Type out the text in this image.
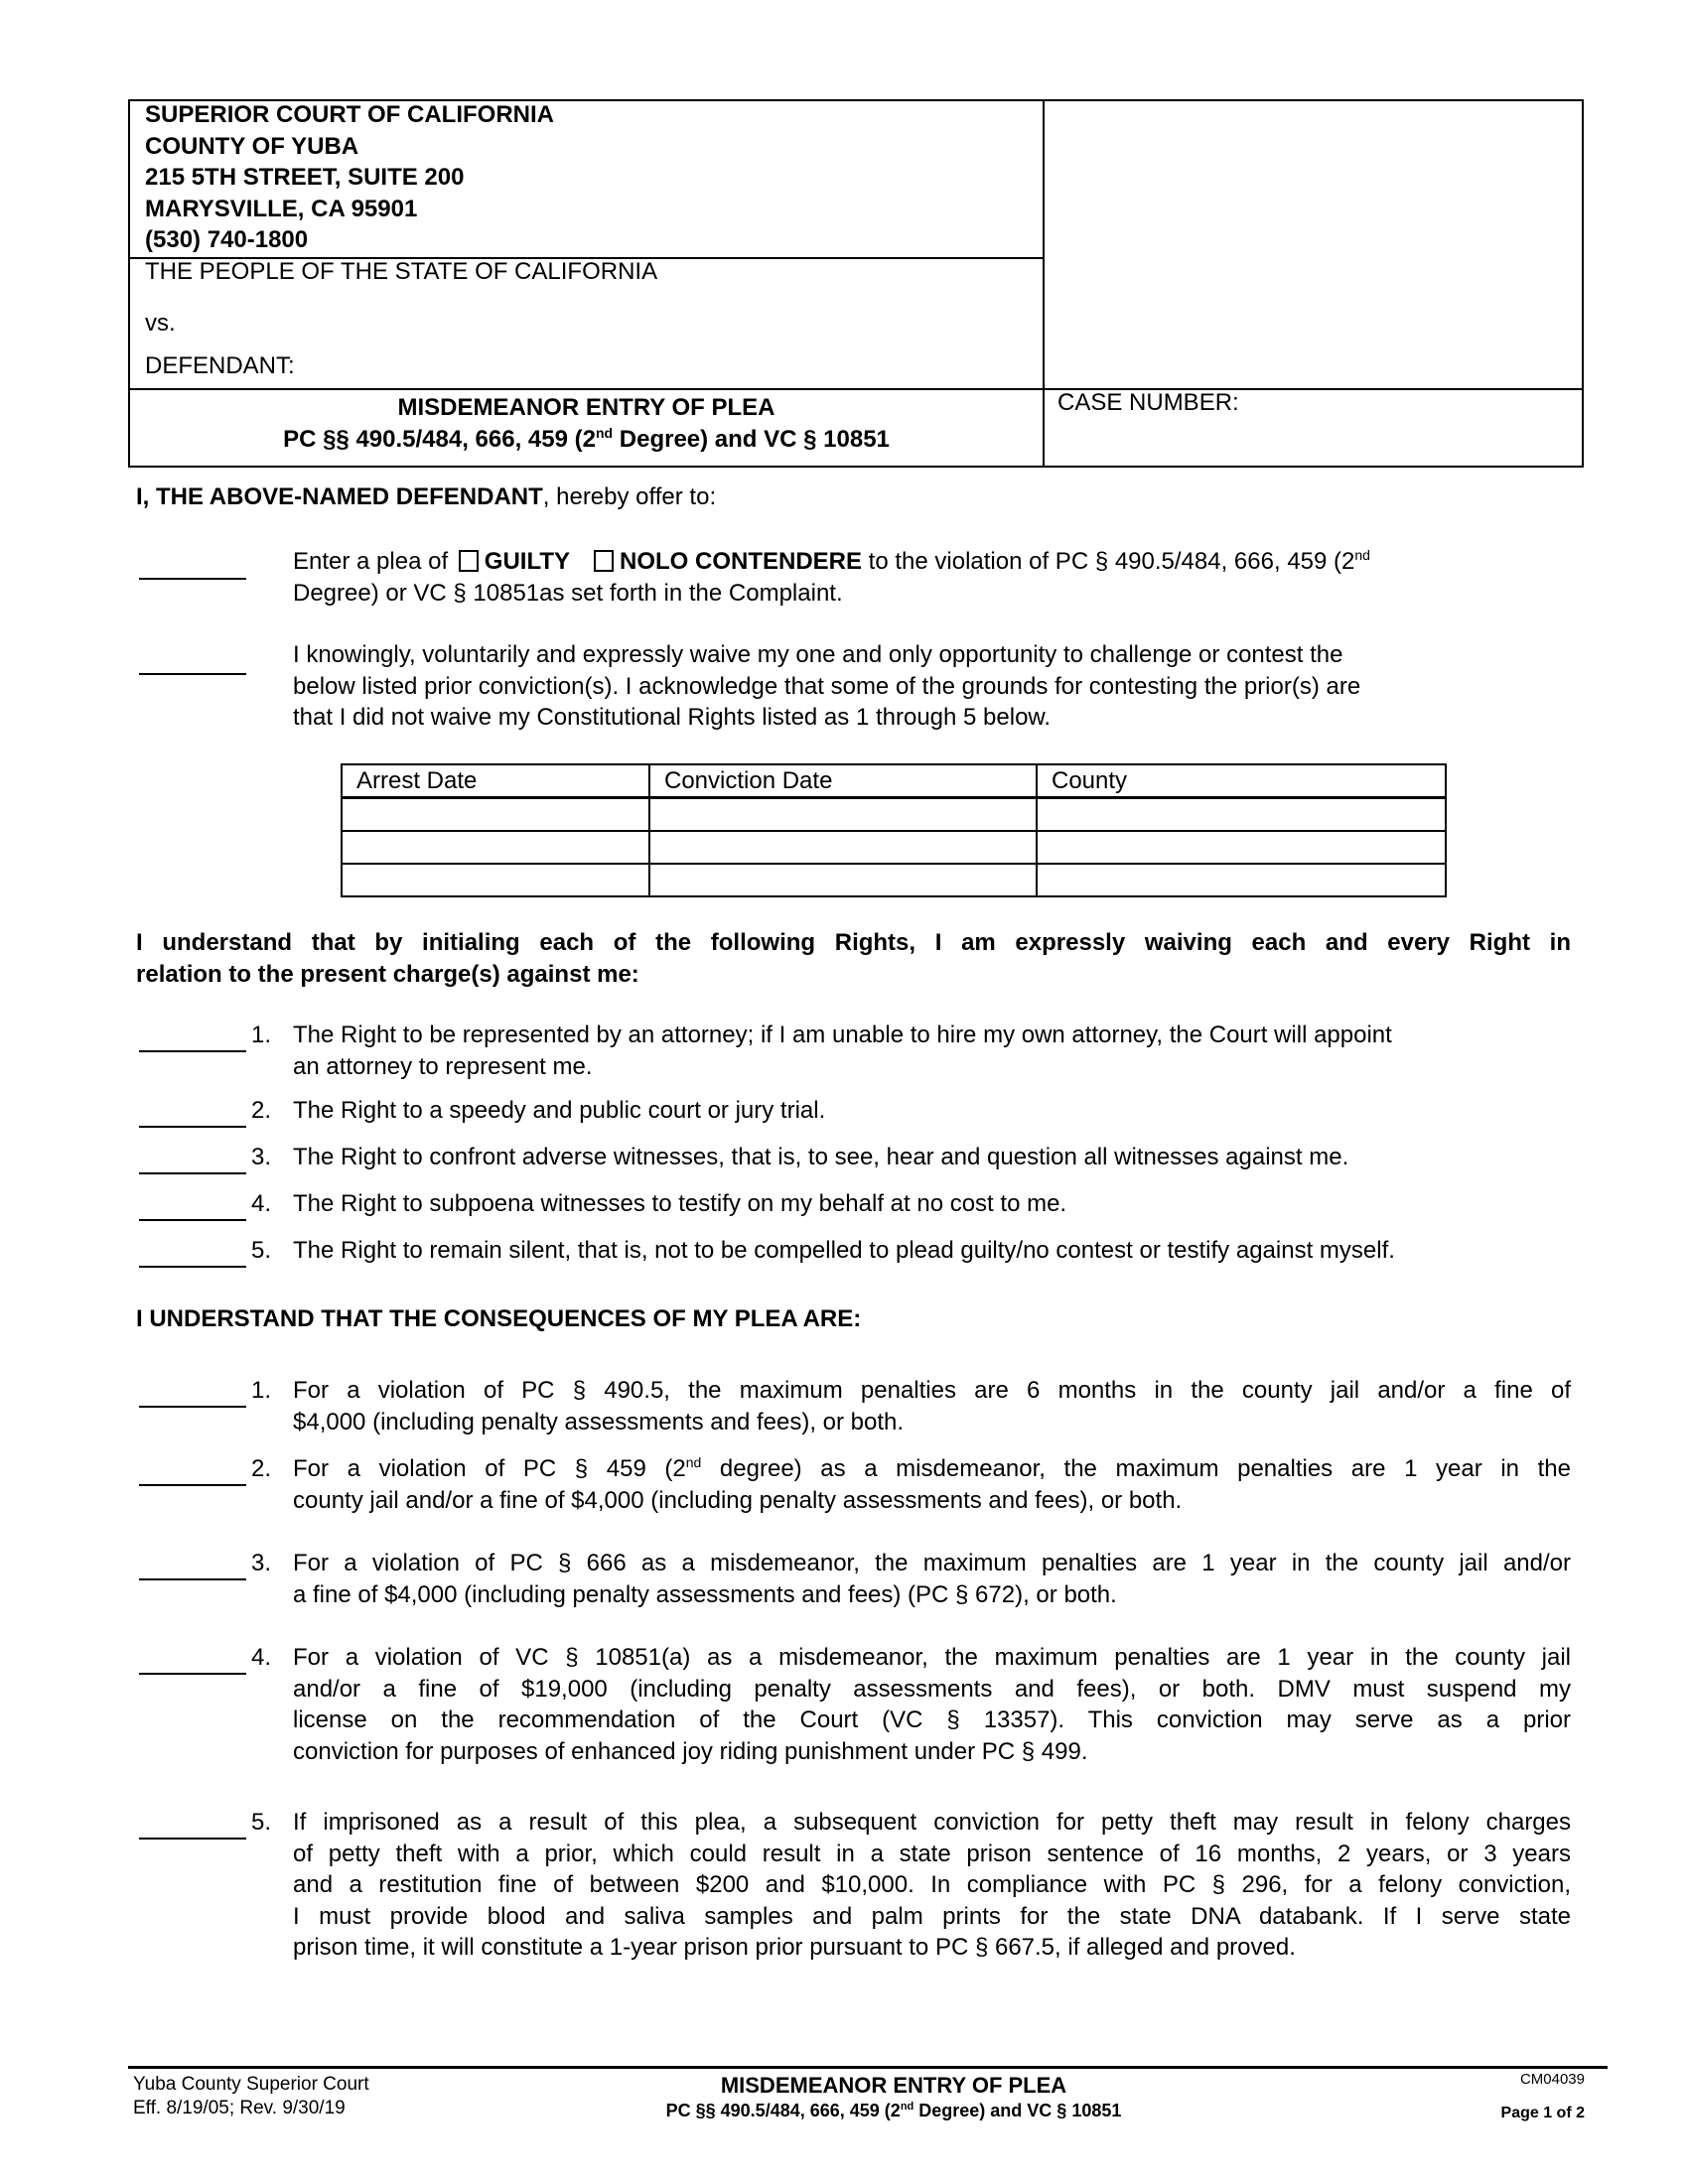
SUPERIOR COURT OF CALIFORNIA
COUNTY OF YUBA
215 5TH STREET, SUITE 200
MARYSVILLE, CA 95901
(530) 740-1800
THE PEOPLE OF THE STATE OF CALIFORNIA
vs.
DEFENDANT:
MISDEMEANOR ENTRY OF PLEA
PC §§ 490.5/484, 666, 459 (2nd Degree) and VC § 10851
CASE NUMBER:
I, THE ABOVE-NAMED DEFENDANT, hereby offer to:
Enter a plea of GUILTY NOLO CONTENDERE to the violation of PC § 490.5/484, 666, 459 (2nd
Degree) or VC § 10851as set forth in the Complaint.
I knowingly, voluntarily and expressly waive my one and only opportunity to challenge or contest the
below listed prior conviction(s). I acknowledge that some of the grounds for contesting the prior(s) are
that I did not waive my Constitutional Rights listed as 1 through 5 below.
Arrest Date	Conviction Date	County

I understand that by initialing each of the following Rights, I am expressly waiving each and every Right in
relation to the present charge(s) against me:
1. The Right to be represented by an attorney; if I am unable to hire my own attorney, the Court will appoint
an attorney to represent me.
2. The Right to a speedy and public court or jury trial.
3. The Right to confront adverse witnesses, that is, to see, hear and question all witnesses against me.
4. The Right to subpoena witnesses to testify on my behalf at no cost to me.
5. The Right to remain silent, that is, not to be compelled to plead guilty/no contest or testify against myself.
I UNDERSTAND THAT THE CONSEQUENCES OF MY PLEA ARE:
1. For a violation of PC § 490.5, the maximum penalties are 6 months in the county jail and/or a fine of
$4,000 (including penalty assessments and fees), or both.
2. For a violation of PC § 459 (2nd degree) as a misdemeanor, the maximum penalties are 1 year in the
county jail and/or a fine of $4,000 (including penalty assessments and fees), or both.
3. For a violation of PC § 666 as a misdemeanor, the maximum penalties are 1 year in the county jail and/or
a fine of $4,000 (including penalty assessments and fees) (PC § 672), or both.
4. For a violation of VC § 10851(a) as a misdemeanor, the maximum penalties are 1 year in the county jail
and/or a fine of $19,000 (including penalty assessments and fees), or both. DMV must suspend my
license on the recommendation of the Court (VC § 13357). This conviction may serve as a prior
conviction for purposes of enhanced joy riding punishment under PC § 499.
5. If imprisoned as a result of this plea, a subsequent conviction for petty theft may result in felony charges
of petty theft with a prior, which could result in a state prison sentence of 16 months, 2 years, or 3 years
and a restitution fine of between $200 and $10,000. In compliance with PC § 296, for a felony conviction,
I must provide blood and saliva samples and palm prints for the state DNA databank. If I serve state
prison time, it will constitute a 1-year prison prior pursuant to PC § 667.5, if alleged and proved.
Yuba County Superior Court
Eff. 8/19/05; Rev. 9/30/19
MISDEMEANOR ENTRY OF PLEA
PC §§ 490.5/484, 666, 459 (2nd Degree) and VC § 10851
CM04039
Page 1 of 2
